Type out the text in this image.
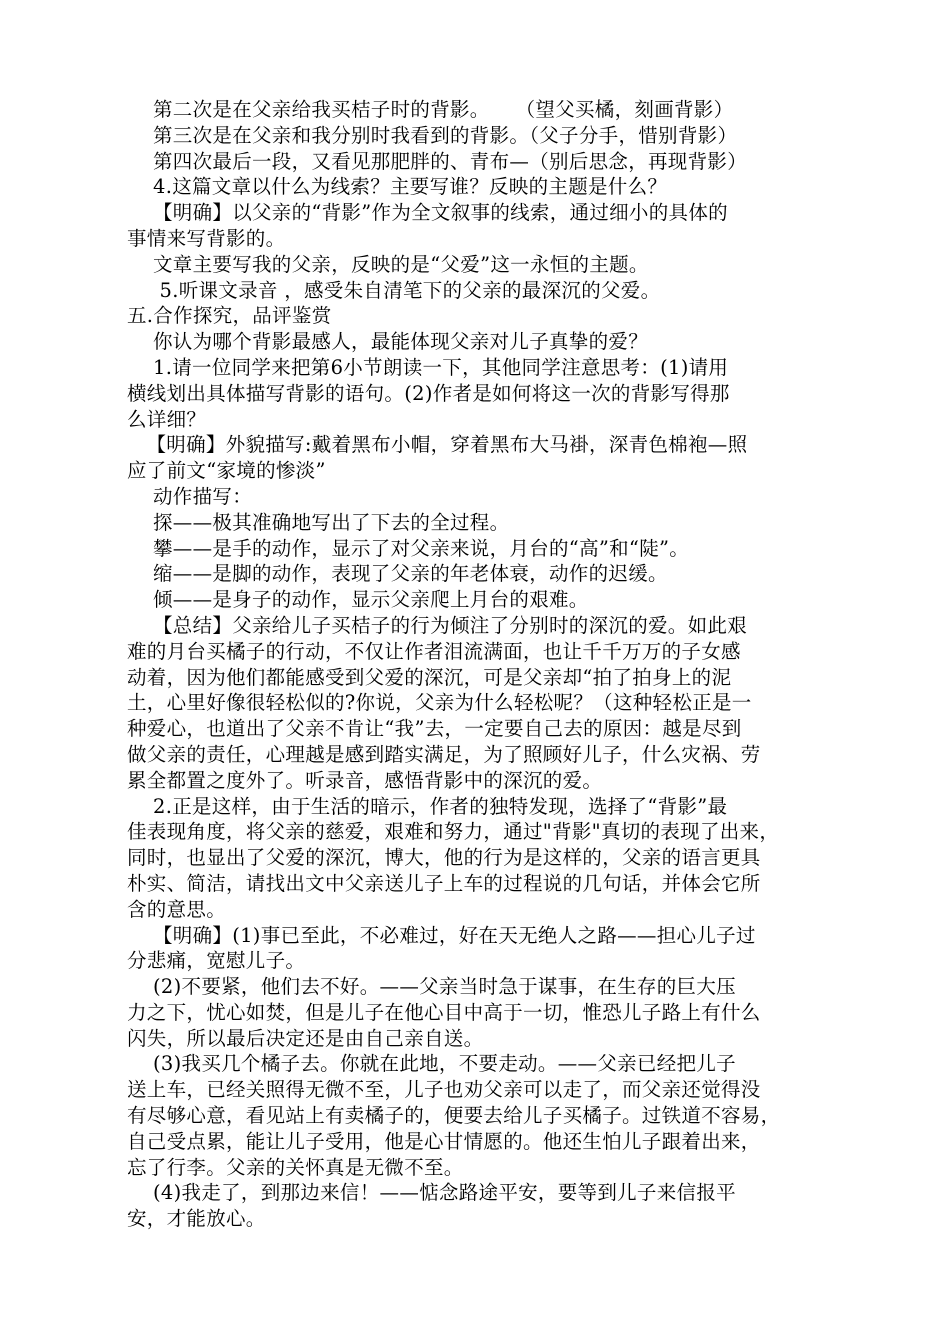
第二次是在父亲给我买桔子时的背影。    （望父买橘，刻画背影）
第三次是在父亲和我分别时我看到的背影。（父子分手，惜别背影）
第四次最后一段，又看见那肥胖的、青布—（别后思念，再现背影）
4.这篇文章以什么为线索？主要写谁？反映的主题是什么？
【明确】以父亲的“背影”作为全文叙事的线索，通过细小的具体的
事情来写背影的。
文章主要写我的父亲，反映的是“父爱”这一永恒的主题。
5.听课文录音 ，感受朱自清笔下的父亲的最深沉的父爱。
五.合作探究，品评鉴赏
你认为哪个背影最感人，最能体现父亲对儿子真挚的爱？
1.请一位同学来把第6小节朗读一下，其他同学注意思考：(1)请用
横线划出具体描写背影的语句。(2)作者是如何将这一次的背影写得那
么详细？
【明确】外貌描写:戴着黑布小帽，穿着黑布大马褂，深青色棉袍—照
应了前文“家境的惨淡”
动作描写：
探——极其准确地写出了下去的全过程。
攀——是手的动作，显示了对父亲来说，月台的“高”和“陡”。
缩——是脚的动作，表现了父亲的年老体衰，动作的迟缓。
倾——是身子的动作，显示父亲爬上月台的艰难。
【总结】父亲给儿子买桔子的行为倾注了分别时的深沉的爱。如此艰
难的月台买橘子的行动，不仅让作者泪流满面，也让千千万万的子女感
动着，因为他们都能感受到父爱的深沉，可是父亲却“拍了拍身上的泥
土，心里好像很轻松似的?你说，父亲为什么轻松呢？（这种轻松正是一
种爱心，也道出了父亲不肯让“我”去，一定要自己去的原因：越是尽到
做父亲的责任，心理越是感到踏实满足，为了照顾好儿子，什么灾祸、劳
累全都置之度外了。听录音，感悟背影中的深沉的爱。
2.正是这样，由于生活的暗示，作者的独特发现，选择了“背影”最
佳表现角度，将父亲的慈爱，艰难和努力，通过"背影"真切的表现了出来，
同时，也显出了父爱的深沉，博大，他的行为是这样的，父亲的语言更具
朴实、简洁，请找出文中父亲送儿子上车的过程说的几句话，并体会它所
含的意思。
【明确】(1)事已至此，不必难过，好在天无绝人之路——担心儿子过
分悲痛，宽慰儿子。
(2)不要紧，他们去不好。——父亲当时急于谋事，在生存的巨大压
力之下，忧心如焚，但是儿子在他心目中高于一切，惟恐儿子路上有什么
闪失，所以最后决定还是由自己亲自送。
(3)我买几个橘子去。你就在此地，不要走动。——父亲已经把儿子
送上车，已经关照得无微不至，儿子也劝父亲可以走了，而父亲还觉得没
有尽够心意，看见站上有卖橘子的，便要去给儿子买橘子。过铁道不容易，
自己受点累，能让儿子受用，他是心甘情愿的。他还生怕儿子跟着出来，
忘了行李。父亲的关怀真是无微不至。
(4)我走了，到那边来信！——惦念路途平安，要等到儿子来信报平
安，才能放心。
